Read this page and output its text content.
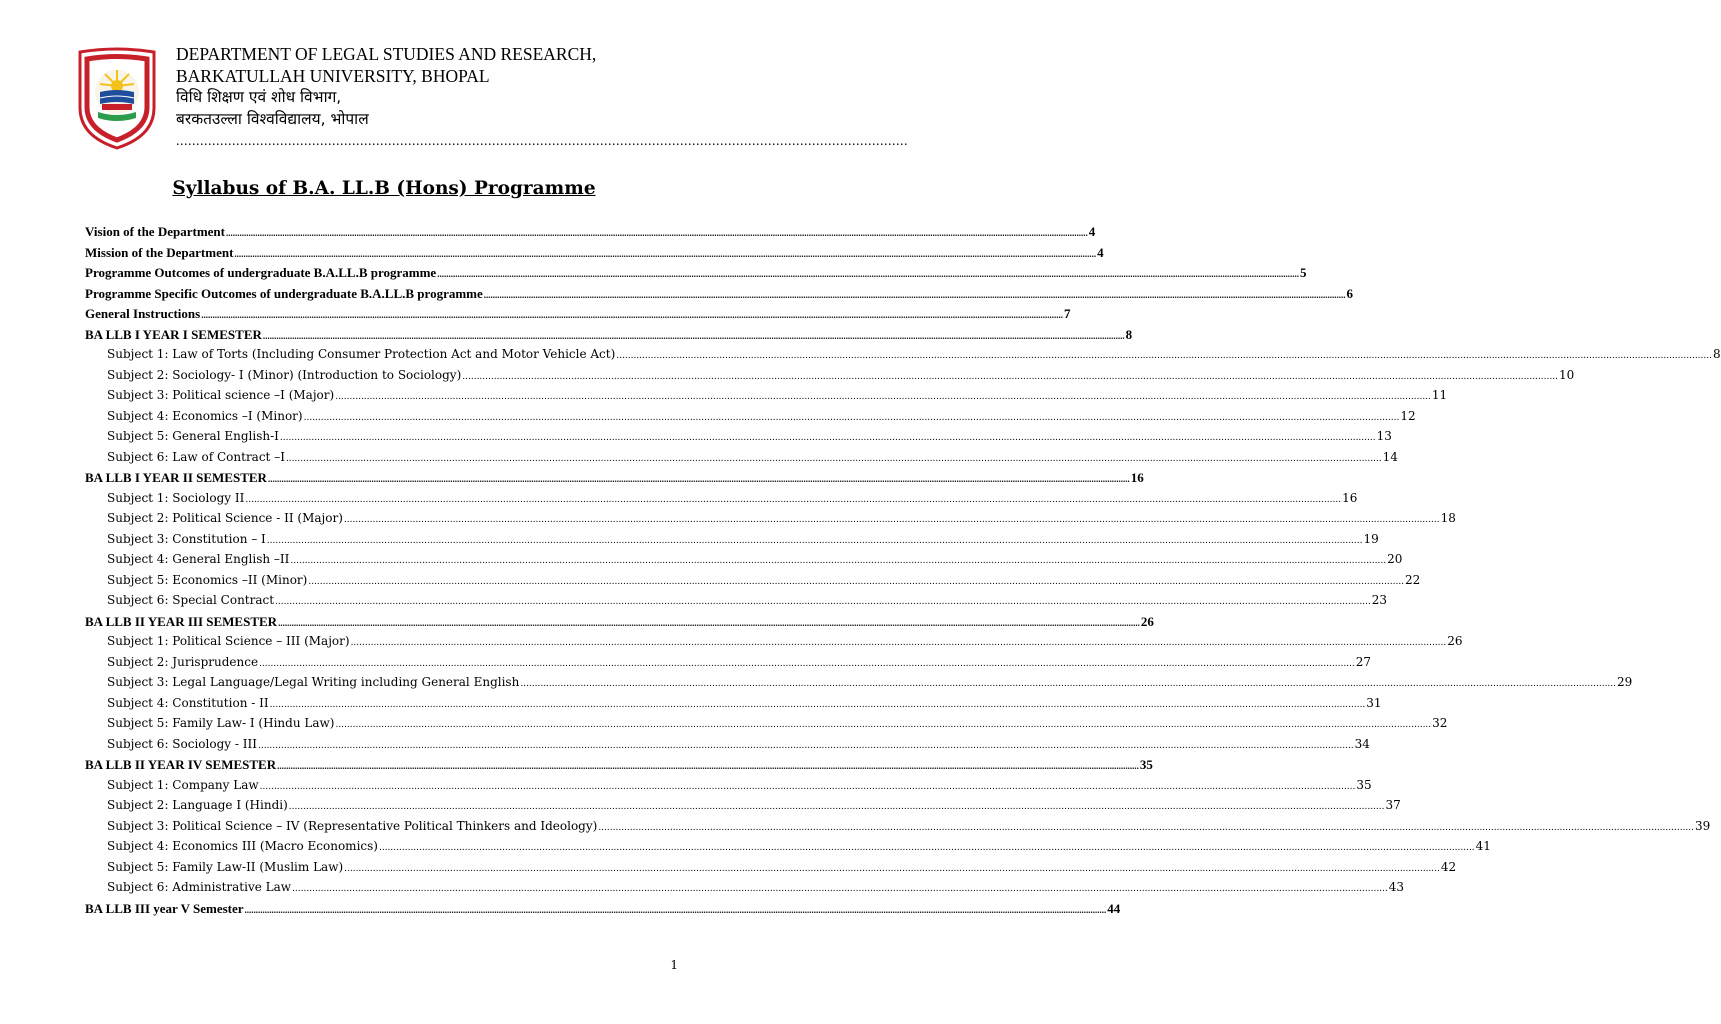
DEPARTMENT OF LEGAL STUDIES AND RESEARCH,
BARKATULLAH UNIVERSITY, BHOPAL
विधि शिक्षण एवं शोध विभाग,
बरकतउल्ला विश्वविद्यालय, भोपाल
.......................................................................................................................................................................................
Syllabus of B.A. LL.B (Hons) Programme
Vision of the Department .....	4
Mission of the Department .....	4
Programme Outcomes of undergraduate B.A.LL.B programme .....	5
Programme Specific Outcomes of undergraduate B.A.LL.B programme .....	6
General Instructions .....	7
BA LLB I YEAR I SEMESTER .....	8
Subject 1: Law of Torts (Including Consumer Protection Act and Motor Vehicle Act) .....	8
Subject 2: Sociology- I (Minor) (Introduction to Sociology) .....	10
Subject 3: Political science –I (Major) .....	11
Subject 4: Economics –I (Minor) .....	12
Subject 5: General English-I .....	13
Subject 6: Law of Contract –I .....	14
BA LLB I YEAR II SEMESTER .....	16
Subject 1: Sociology II .....	16
Subject 2: Political Science - II (Major) .....	18
Subject 3: Constitution – I .....	19
Subject 4: General English –II .....	20
Subject 5: Economics –II (Minor) .....	22
Subject 6: Special Contract .....	23
BA LLB II YEAR III SEMESTER .....	26
Subject 1: Political Science – III (Major) .....	26
Subject 2: Jurisprudence .....	27
Subject 3: Legal Language/Legal Writing including General English .....	29
Subject 4: Constitution - II .....	31
Subject 5: Family Law- I (Hindu Law) .....	32
Subject 6: Sociology - III .....	34
BA LLB II YEAR IV SEMESTER .....	35
Subject 1: Company Law .....	35
Subject 2: Language I (Hindi) .....	37
Subject 3: Political Science – IV (Representative Political Thinkers and Ideology) .....	39
Subject 4: Economics III (Macro Economics) .....	41
Subject 5: Family Law-II (Muslim Law) .....	42
Subject 6: Administrative Law .....	43
BA LLB III year V Semester .....	44
1
